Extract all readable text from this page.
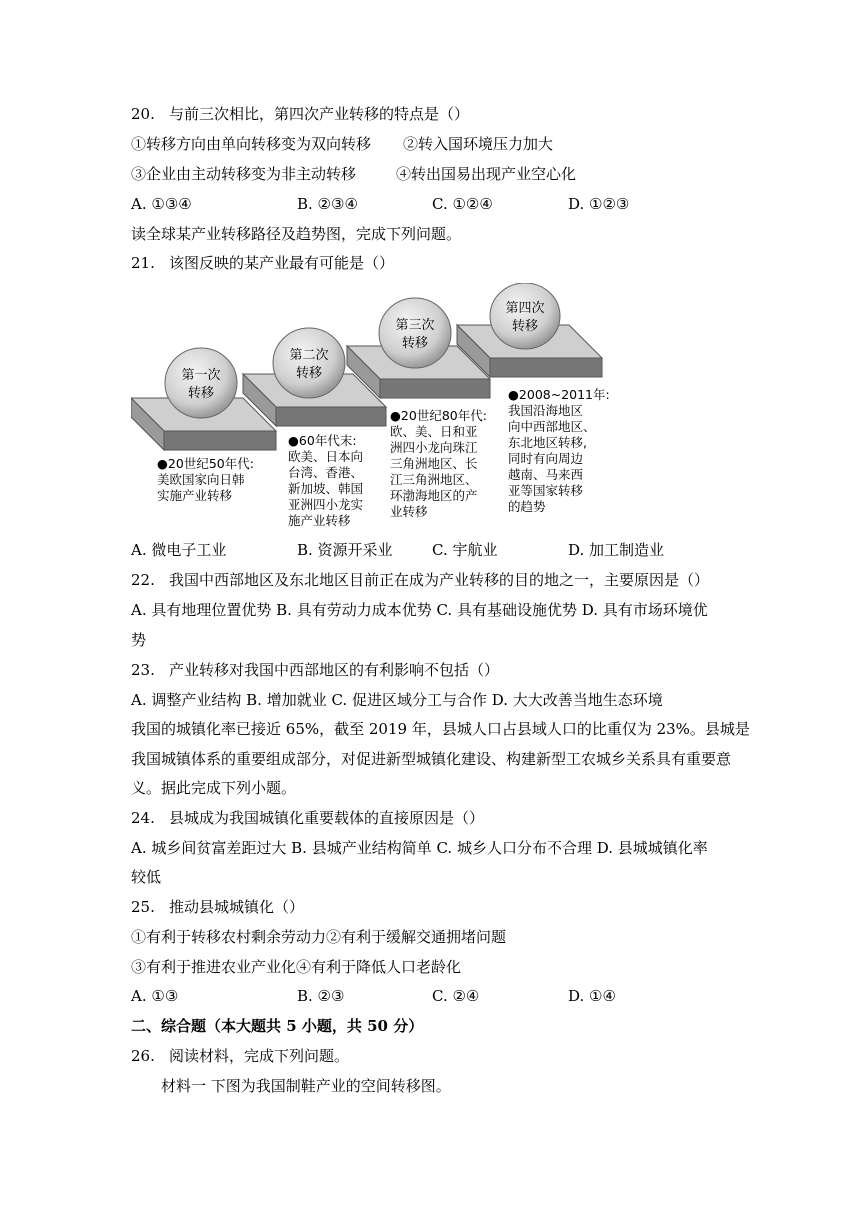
20. 与前三次相比，第四次产业转移的特点是（）
①转移方向由单向转移变为双向转移 ②转入国环境压力加大
③企业由主动转移变为非主动转移	④转出国易出现产业空心化
A. ①③④	B. ②③④	C. ①②④	D. ①②③
读全球某产业转移路径及趋势图，完成下列问题。
21. 该图反映的某产业最有可能是（）
第一次
转移
第二次
转移
第三次
转移
第四次
转移
●20世纪50年代:
美欧国家向日韩
实施产业转移
●60年代末:
欧美、日本向
台湾、香港、
新加坡、韩国
亚洲四小龙实
施产业转移
●20世纪80年代:
欧、美、日和亚
洲四小龙向珠江
三角洲地区、长
江三角洲地区、
环渤海地区的产
业转移
●2008~2011年:
我国沿海地区
向中西部地区、
东北地区转移,
同时有向周边
越南、马来西
亚等国家转移
的趋势
A. 微电子工业	B. 资源开采业	C. 宇航业	D. 加工制造业
22. 我国中西部地区及东北地区目前正在成为产业转移的目的地之一，主要原因是（）
A. 具有地理位置优势 B. 具有劳动力成本优势 C. 具有基础设施优势 D. 具有市场环境优
势
23. 产业转移对我国中西部地区的有利影响不包括（）
A. 调整产业结构 B. 增加就业 C. 促进区域分工与合作 D. 大大改善当地生态环境
我国的城镇化率已接近 65%，截至 2019 年，县城人口占县域人口的比重仅为 23%。县城是
我国城镇体系的重要组成部分，对促进新型城镇化建设、构建新型工农城乡关系具有重要意
义。据此完成下列小题。
24. 县城成为我国城镇化重要载体的直接原因是（）
A. 城乡间贫富差距过大 B. 县城产业结构简单 C. 城乡人口分布不合理 D. 县城城镇化率
较低
25. 推动县城城镇化（）
①有利于转移农村剩余劳动力②有利于缓解交通拥堵问题
③有利于推进农业产业化④有利于降低人口老龄化
A. ①③	B. ②③	C. ②④	D. ①④
二、综合题（本大题共 5 小题，共 50 分）
26. 阅读材料，完成下列问题。
材料一 下图为我国制鞋产业的空间转移图。
